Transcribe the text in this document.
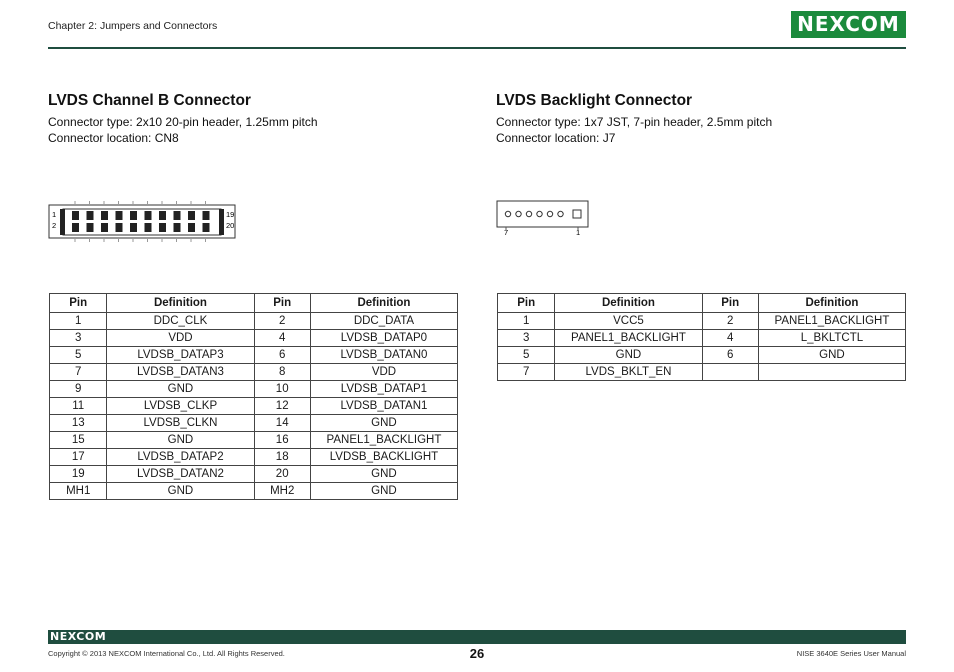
Chapter 2: Jumpers and Connectors	NEXCOM
LVDS Channel B Connector
Connector type: 2x10 20-pin header, 1.25mm pitch
Connector location: CN8
1
2
19
20
Pin	Definition	Pin	Definition
1	DDC_CLK	2	DDC_DATA
3	VDD	4	LVDSB_DATAP0
5	LVDSB_DATAP3	6	LVDSB_DATAN0
7	LVDSB_DATAN3	8	VDD
9	GND	10	LVDSB_DATAP1
11	LVDSB_CLKP	12	LVDSB_DATAN1
13	LVDSB_CLKN	14	GND
15	GND	16	PANEL1_BACKLIGHT
17	LVDSB_DATAP2	18	LVDSB_BACKLIGHT
19	LVDSB_DATAN2	20	GND
MH1	GND	MH2	GND
LVDS Backlight Connector
Connector type: 1x7 JST, 7-pin header, 2.5mm pitch
Connector location: J7
7	1
Pin	Definition	Pin	Definition
1	VCC5	2	PANEL1_BACKLIGHT
3	PANEL1_BACKLIGHT	4	L_BKLTCTL
5	GND	6	GND
7	LVDS_BKLT_EN		
NEXCOM
Copyright © 2013 NEXCOM International Co., Ltd. All Rights Reserved.	26	NISE 3640E Series User Manual
